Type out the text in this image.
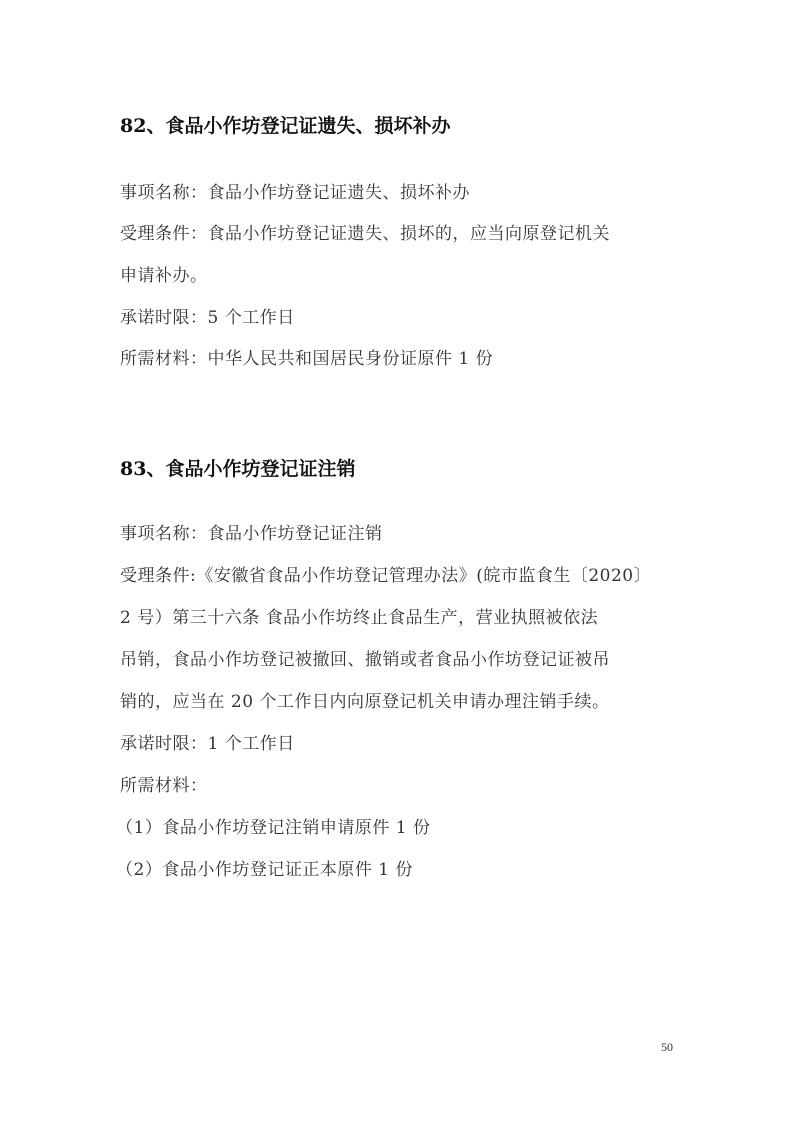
82、食品小作坊登记证遗失、损坏补办

事项名称：食品小作坊登记证遗失、损坏补办

受理条件：食品小作坊登记证遗失、损坏的，应当向原登记机关

申请补办。

承诺时限：5 个工作日

所需材料：中华人民共和国居民身份证原件 1 份

83、食品小作坊登记证注销

事项名称：食品小作坊登记证注销

受理条件:《安徽省食品小作坊登记管理办法》(皖市监食生〔2020〕

2 号）第三十六条 食品小作坊终止食品生产，营业执照被依法

吊销，食品小作坊登记被撤回、撤销或者食品小作坊登记证被吊

销的，应当在 20 个工作日内向原登记机关申请办理注销手续。

承诺时限：1 个工作日

所需材料：

（1）食品小作坊登记注销申请原件 1 份

（2）食品小作坊登记证正本原件 1 份

50
